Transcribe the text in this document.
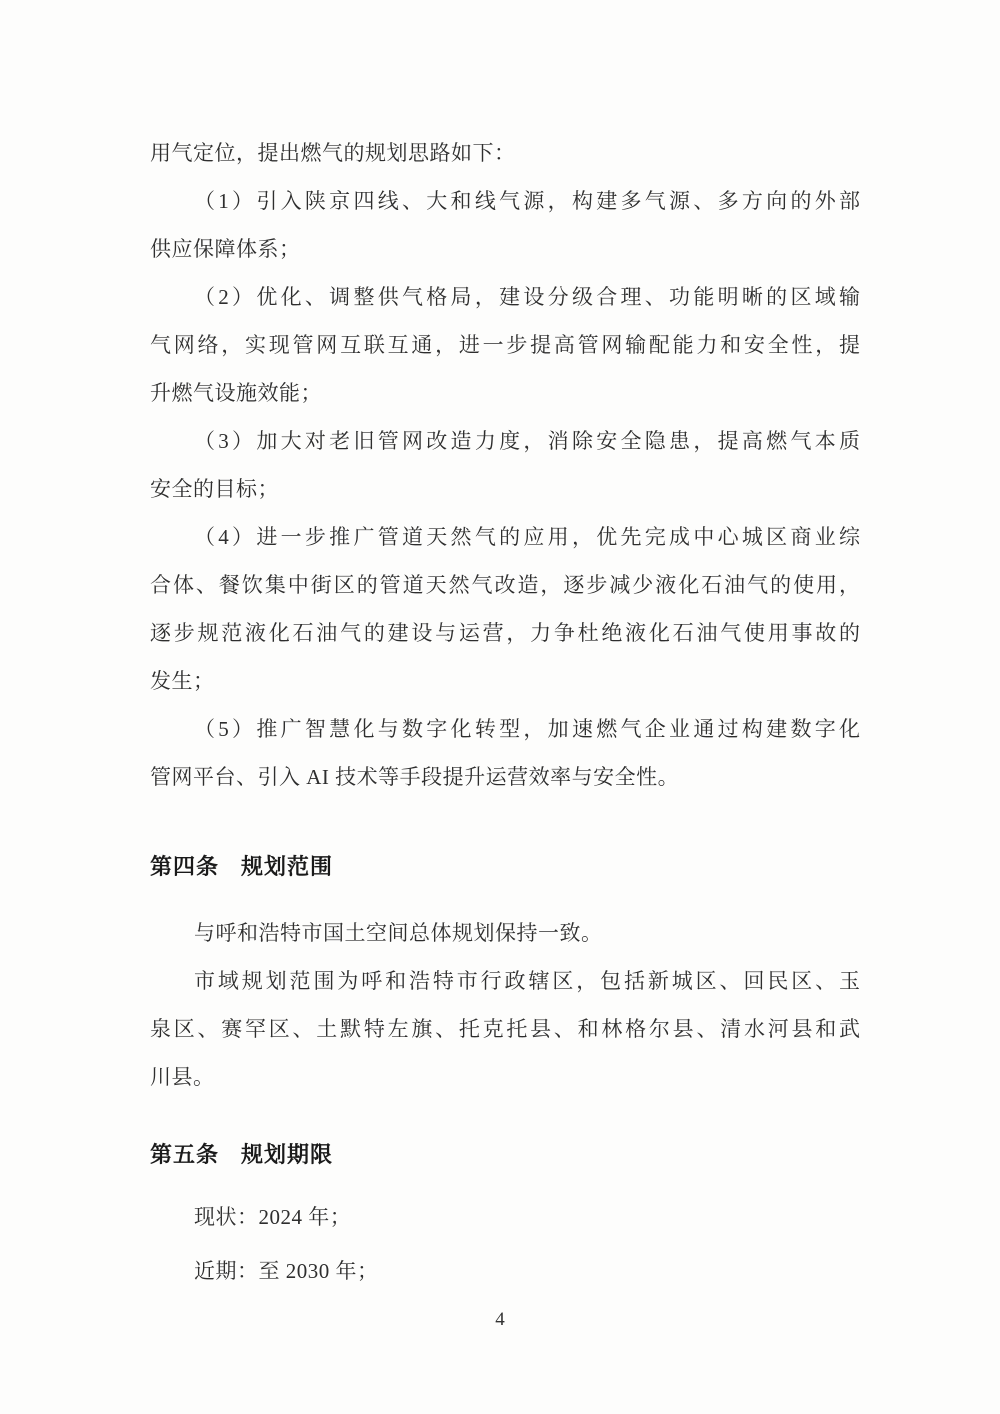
用气定位，提出燃气的规划思路如下：
（1）引入陕京四线、大和线气源，构建多气源、多方向的外部
供应保障体系；
（2）优化、调整供气格局，建设分级合理、功能明晰的区域输
气网络，实现管网互联互通，进一步提高管网输配能力和安全性，提
升燃气设施效能；
（3）加大对老旧管网改造力度，消除安全隐患，提高燃气本质
安全的目标；
（4）进一步推广管道天然气的应用，优先完成中心城区商业综
合体、餐饮集中街区的管道天然气改造，逐步减少液化石油气的使用，
逐步规范液化石油气的建设与运营，力争杜绝液化石油气使用事故的
发生；
（5）推广智慧化与数字化转型，加速燃气企业通过构建数字化
管网平台、引入 AI 技术等手段提升运营效率与安全性。
第四条 规划范围
与呼和浩特市国土空间总体规划保持一致。
市域规划范围为呼和浩特市行政辖区，包括新城区、回民区、玉
泉区、赛罕区、土默特左旗、托克托县、和林格尔县、清水河县和武
川县。
第五条 规划期限
现状：2024 年；
近期：至 2030 年；
4
